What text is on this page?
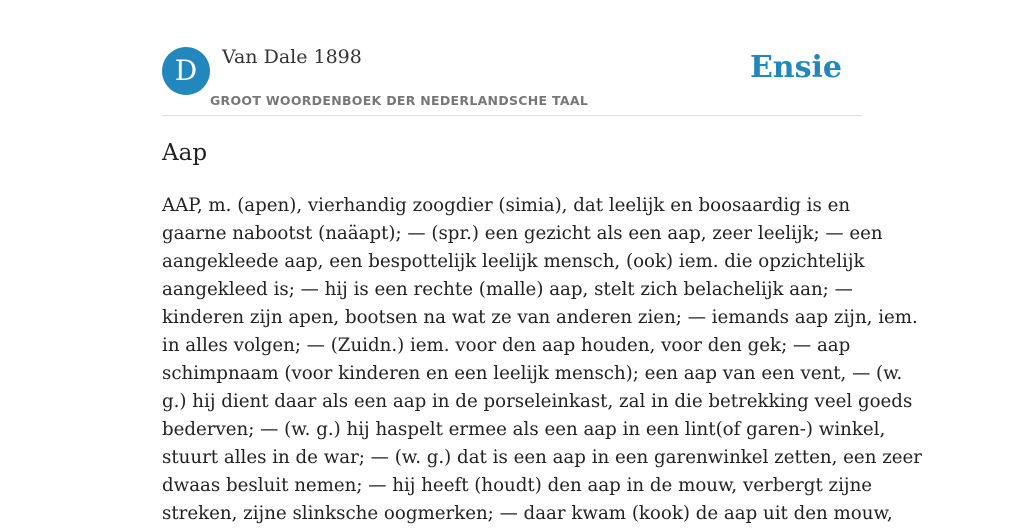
D	Van Dale 1898
GROOT WOORDENBOEK DER NEDERLANDSCHE TAAL
Ensie
Aap

AAP, m. (apen), vierhandig zoogdier (simia), dat leelijk en boosaardig is en
gaarne nabootst (naäapt); — (spr.) een gezicht als een aap, zeer leelijk; — een
aangekleede aap, een bespottelijk leelijk mensch, (ook) iem. die opzichtelijk
aangekleed is; — hij is een rechte (malle) aap, stelt zich belachelijk aan; —
kinderen zijn apen, bootsen na wat ze van anderen zien; — iemands aap zijn, iem.
in alles volgen; — (Zuidn.) iem. voor den aap houden, voor den gek; — aap
schimpnaam (voor kinderen en een leelijk mensch); een aap van een vent, — (w.
g.) hij dient daar als een aap in de porseleinkast, zal in die betrekking veel goeds
bederven; — (w. g.) hij haspelt ermee als een aap in een lint(of garen-) winkel,
stuurt alles in de war; — (w. g.) dat is een aap in een garenwinkel zetten, een zeer
dwaas besluit nemen; — hij heeft (houdt) den aap in de mouw, verbergt zijne
streken, zijne slinksche oogmerken; — daar kwam (kook) de aap uit den mouw,
